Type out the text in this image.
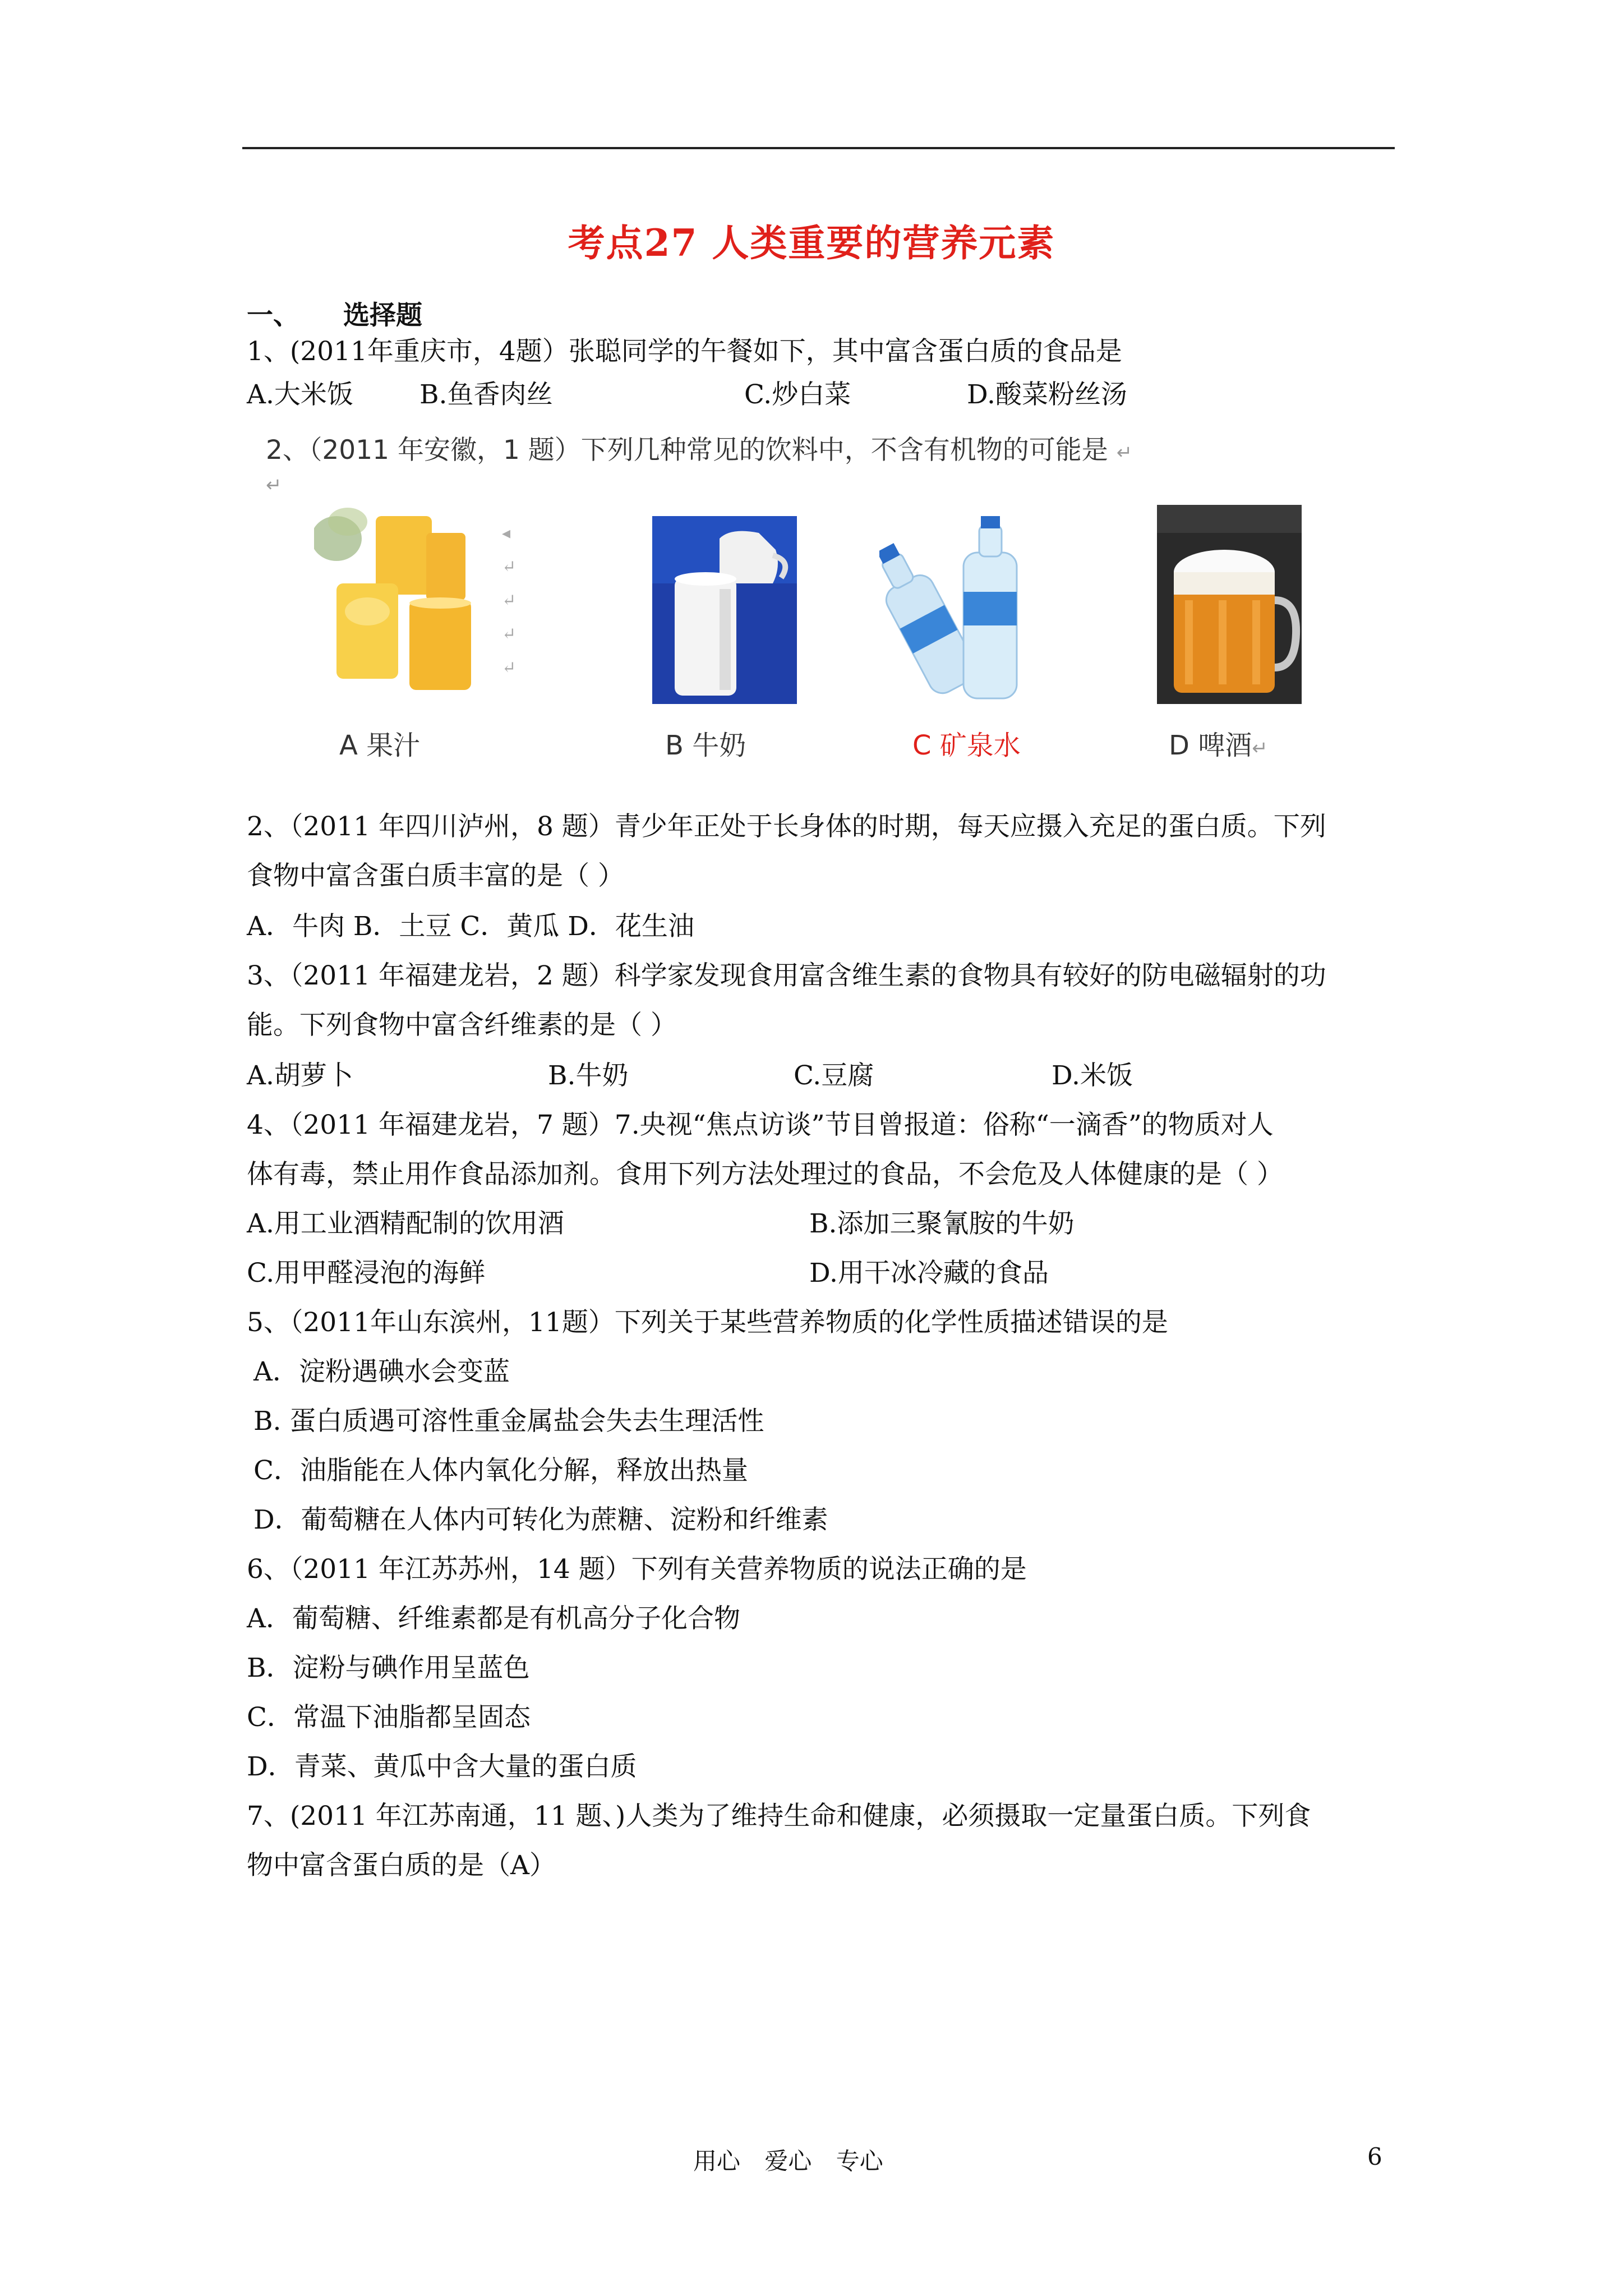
考点27 人类重要的营养元素
一、 选择题
1、(2011年重庆市，4题）张聪同学的午餐如下，其中富含蛋白质的食品是
A.大米饭	B.鱼香肉丝	C.炒白菜	D.酸菜粉丝汤
2、（2011 年安徽，1 题）下列几种常见的饮料中，不含有机物的可能是 ↵
↵
◂
↵
↵
↵
↵
A 果汁	B 牛奶	C 矿泉水	D 啤酒↵
2、（2011 年四川泸州，8 题）青少年正处于长身体的时期，每天应摄入充足的蛋白质。下列
食物中富含蛋白质丰富的是（ ）
A．牛肉 B．土豆 C．黄瓜 D．花生油
3、（2011 年福建龙岩，2 题）科学家发现食用富含维生素的食物具有较好的防电磁辐射的功
能。下列食物中富含纤维素的是（ ）
A.胡萝卜	B.牛奶	C.豆腐	D.米饭
4、（2011 年福建龙岩，7 题）7.央视“焦点访谈”节目曾报道：俗称“一滴香”的物质对人
体有毒，禁止用作食品添加剂。食用下列方法处理过的食品，不会危及人体健康的是（ ）
A.用工业酒精配制的饮用酒	B.添加三聚氰胺的牛奶
C.用甲醛浸泡的海鲜	D.用干冰冷藏的食品
5、（2011年山东滨州，11题）下列关于某些营养物质的化学性质描述错误的是
A．淀粉遇碘水会变蓝
B. 蛋白质遇可溶性重金属盐会失去生理活性
C．油脂能在人体内氧化分解，释放出热量
D．葡萄糖在人体内可转化为蔗糖、淀粉和纤维素
6、（2011 年江苏苏州，14 题）下列有关营养物质的说法正确的是
A．葡萄糖、纤维素都是有机高分子化合物
B．淀粉与碘作用呈蓝色
C．常温下油脂都呈固态
D．青菜、黄瓜中含大量的蛋白质
7、(2011 年江苏南通，11 题、)人类为了维持生命和健康，必须摄取一定量蛋白质。下列食
物中富含蛋白质的是（A）
用心 爱心 专心	6
